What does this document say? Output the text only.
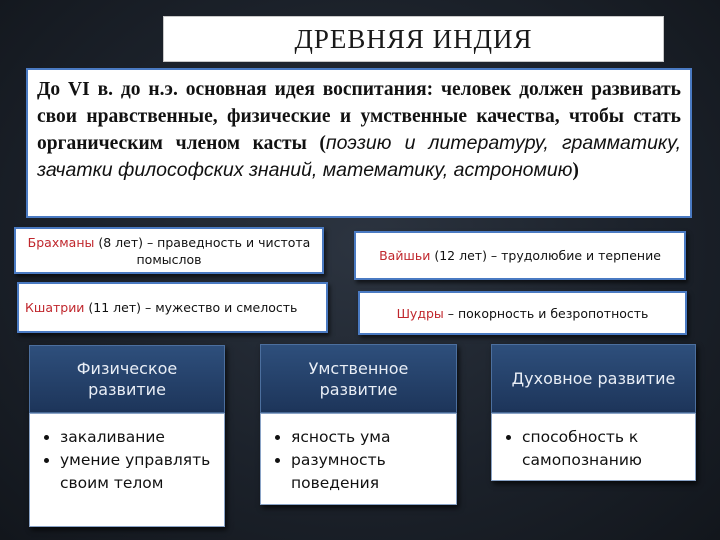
ДРЕВНЯЯ ИНДИЯ
До VI в. до н.э. основная идея воспитания: человек должен развивать свои нравственные, физические и умственные качества, чтобы стать органическим членом касты (поэзию и литературу, грамматику, зачатки философских знаний, математику, астрономию)
Брахманы (8 лет) – праведность и чистота помыслов	Вайшьи (12 лет) – трудолюбие и терпение
Кшатрии (11 лет) – мужество и смелость	Шудры – покорность и безропотность
Физическое развитие
• закаливание
• умение управлять своим телом
Умственное развитие
• ясность ума
• разумность поведения
Духовное развитие
• способность к самопознанию
